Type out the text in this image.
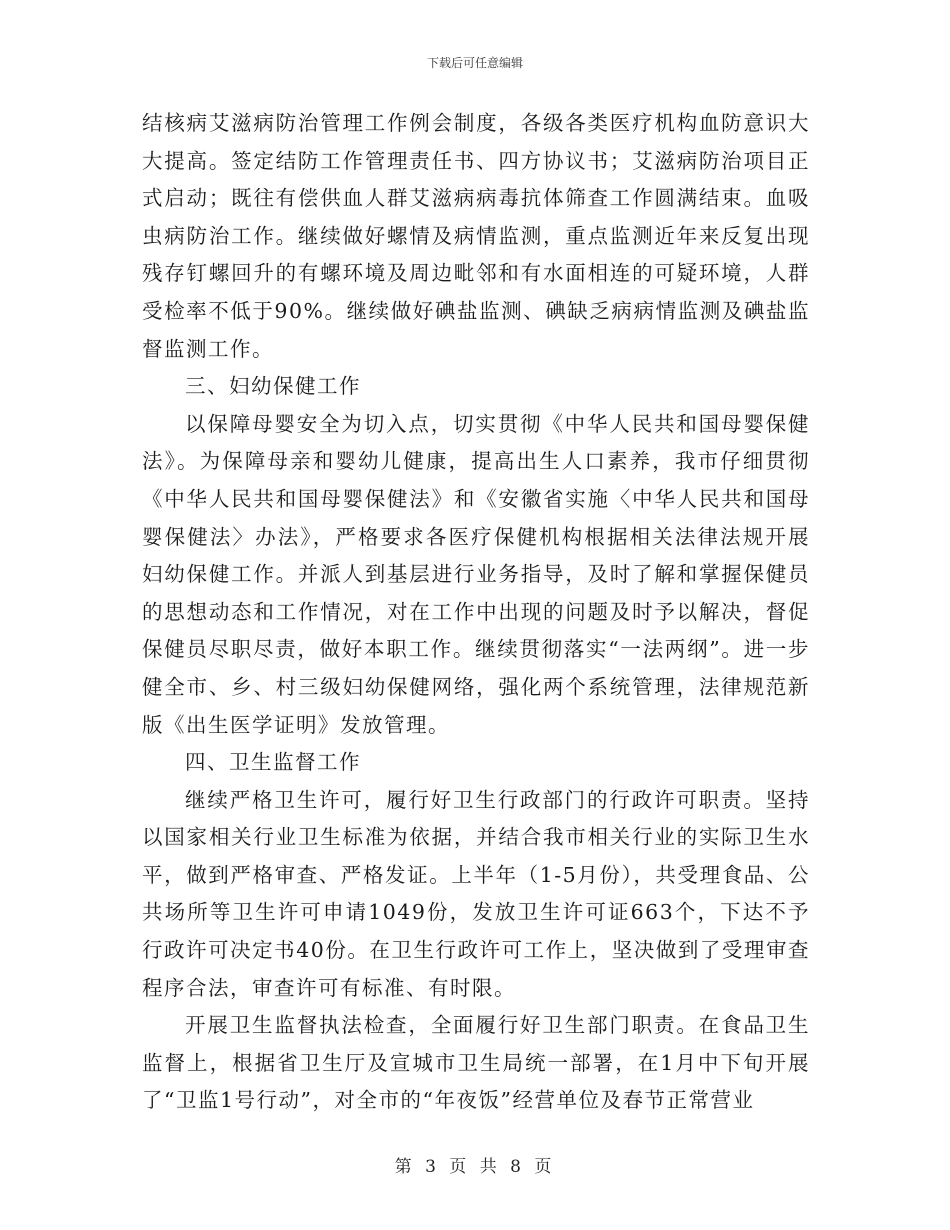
下载后可任意编辑

结核病艾滋病防治管理工作例会制度，各级各类医疗机构血防意识大大提高。签定结防工作管理责任书、四方协议书；艾滋病防治项目正式启动；既往有偿供血人群艾滋病病毒抗体筛查工作圆满结束。血吸虫病防治工作。继续做好螺情及病情监测，重点监测近年来反复出现残存钉螺回升的有螺环境及周边毗邻和有水面相连的可疑环境，人群受检率不低于90%。继续做好碘盐监测、碘缺乏病病情监测及碘盐监督监测工作。

三、妇幼保健工作

以保障母婴安全为切入点，切实贯彻《中华人民共和国母婴保健法》。为保障母亲和婴幼儿健康，提高出生人口素养，我市仔细贯彻《中华人民共和国母婴保健法》和《安徽省实施〈中华人民共和国母婴保健法〉办法》，严格要求各医疗保健机构根据相关法律法规开展妇幼保健工作。并派人到基层进行业务指导，及时了解和掌握保健员的思想动态和工作情况，对在工作中出现的问题及时予以解决，督促保健员尽职尽责，做好本职工作。继续贯彻落实“一法两纲”。进一步健全市、乡、村三级妇幼保健网络，强化两个系统管理，法律规范新版《出生医学证明》发放管理。

四、卫生监督工作

继续严格卫生许可，履行好卫生行政部门的行政许可职责。坚持以国家相关行业卫生标准为依据，并结合我市相关行业的实际卫生水平，做到严格审查、严格发证。上半年（1-5月份），共受理食品、公共场所等卫生许可申请1049份，发放卫生许可证663个，下达不予行政许可决定书40份。在卫生行政许可工作上，坚决做到了受理审查程序合法，审查许可有标准、有时限。

开展卫生监督执法检查，全面履行好卫生部门职责。在食品卫生监督上，根据省卫生厅及宣城市卫生局统一部署，在1月中下旬开展了“卫监1号行动”，对全市的“年夜饭”经营单位及春节正常营业

第 3 页 共 8 页
